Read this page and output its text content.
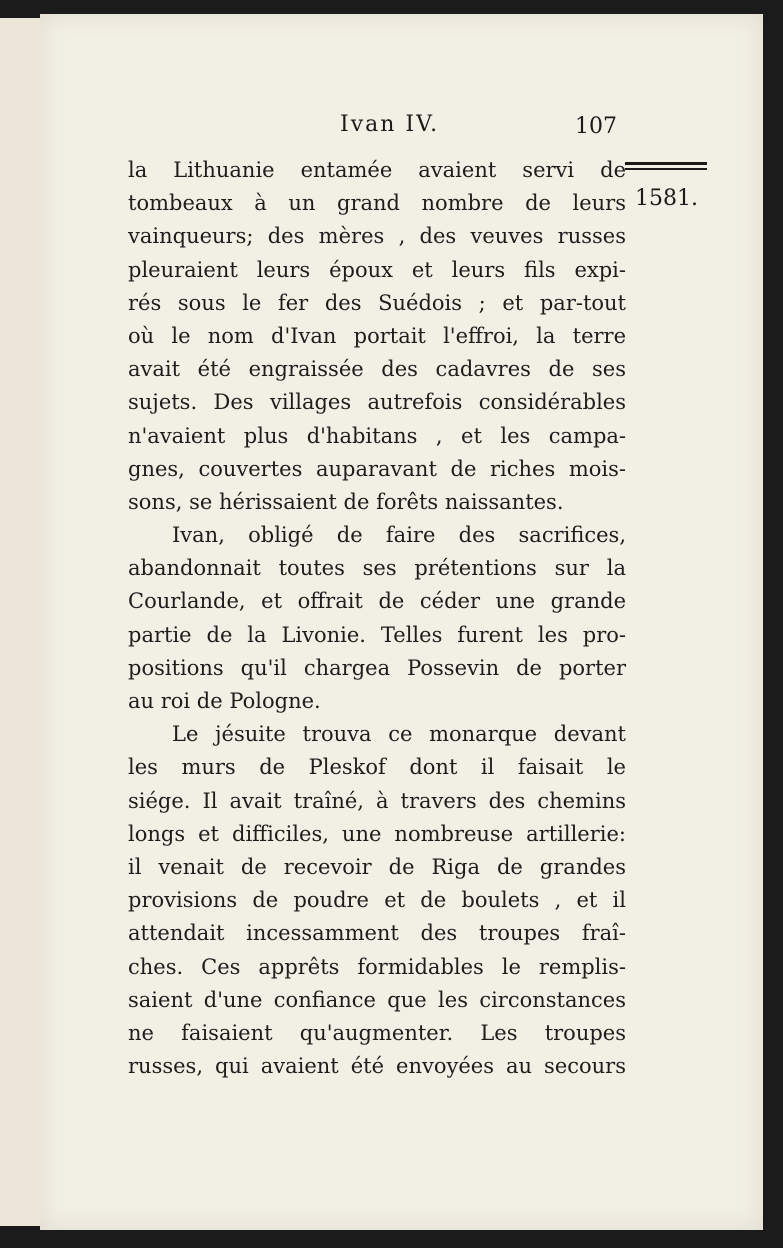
Ivan IV.	107
1581.
la Lithuanie entamée avaient servi de
tombeaux à un grand nombre de leurs
vainqueurs; des mères , des veuves russes
pleuraient leurs époux et leurs fils expi-
rés sous le fer des Suédois ; et par-tout
où le nom d'Ivan portait l'effroi, la terre
avait été engraissée des cadavres de ses
sujets. Des villages autrefois considérables
n'avaient plus d'habitans , et les campa-
gnes, couvertes auparavant de riches mois-
sons, se hérissaient de forêts naissantes.
Ivan, obligé de faire des sacrifices,
abandonnait toutes ses prétentions sur la
Courlande, et offrait de céder une grande
partie de la Livonie. Telles furent les pro-
positions qu'il chargea Possevin de porter
au roi de Pologne.
Le jésuite trouva ce monarque devant
les murs de Pleskof dont il faisait le
siége. Il avait traîné, à travers des chemins
longs et difficiles, une nombreuse artillerie:
il venait de recevoir de Riga de grandes
provisions de poudre et de boulets , et il
attendait incessamment des troupes fraî-
ches. Ces apprêts formidables le remplis-
saient d'une confiance que les circonstances
ne faisaient qu'augmenter. Les troupes
russes, qui avaient été envoyées au secours
